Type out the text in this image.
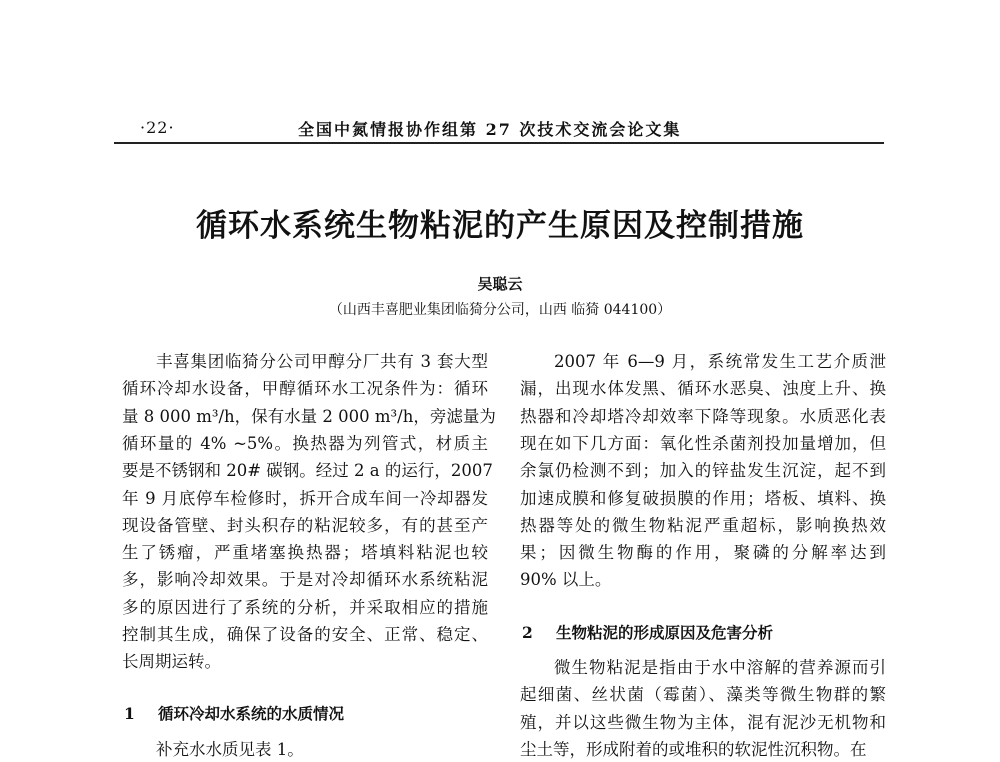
·22·	全国中氮情报协作组第 27 次技术交流会论文集
循环水系统生物粘泥的产生原因及控制措施
吴聪云
（山西丰喜肥业集团临猗分公司，山西 临猗 044100）
丰喜集团临猗分公司甲醇分厂共有 3 套大型
循环冷却水设备，甲醇循环水工况条件为：循环
量 8 000 m³/h，保有水量 2 000 m³/h，旁滤量为
循环量的 4% ~5%。换热器为列管式，材质主
要是不锈钢和 20# 碳钢。经过 2 a 的运行，2007
年 9 月底停车检修时，拆开合成车间一冷却器发
现设备管壁、封头积存的粘泥较多，有的甚至产
生了锈瘤，严重堵塞换热器；塔填料粘泥也较
多，影响冷却效果。于是对冷却循环水系统粘泥
多的原因进行了系统的分析，并采取相应的措施
控制其生成，确保了设备的安全、正常、稳定、
长周期运转。
1 循环冷却水系统的水质情况
补充水水质见表 1。
2007 年 6—9 月，系统常发生工艺介质泄
漏，出现水体发黑、循环水恶臭、浊度上升、换
热器和冷却塔冷却效率下降等现象。水质恶化表
现在如下几方面：氧化性杀菌剂投加量增加，但
余氯仍检测不到；加入的锌盐发生沉淀，起不到
加速成膜和修复破损膜的作用；塔板、填料、换
热器等处的微生物粘泥严重超标，影响换热效
果；因微生物酶的作用，聚磷的分解率达到
90% 以上。
2 生物粘泥的形成原因及危害分析
微生物粘泥是指由于水中溶解的营养源而引
起细菌、丝状菌（霉菌）、藻类等微生物群的繁
殖，并以这些微生物为主体，混有泥沙无机物和
尘土等，形成附着的或堆积的软泥性沉积物。在
